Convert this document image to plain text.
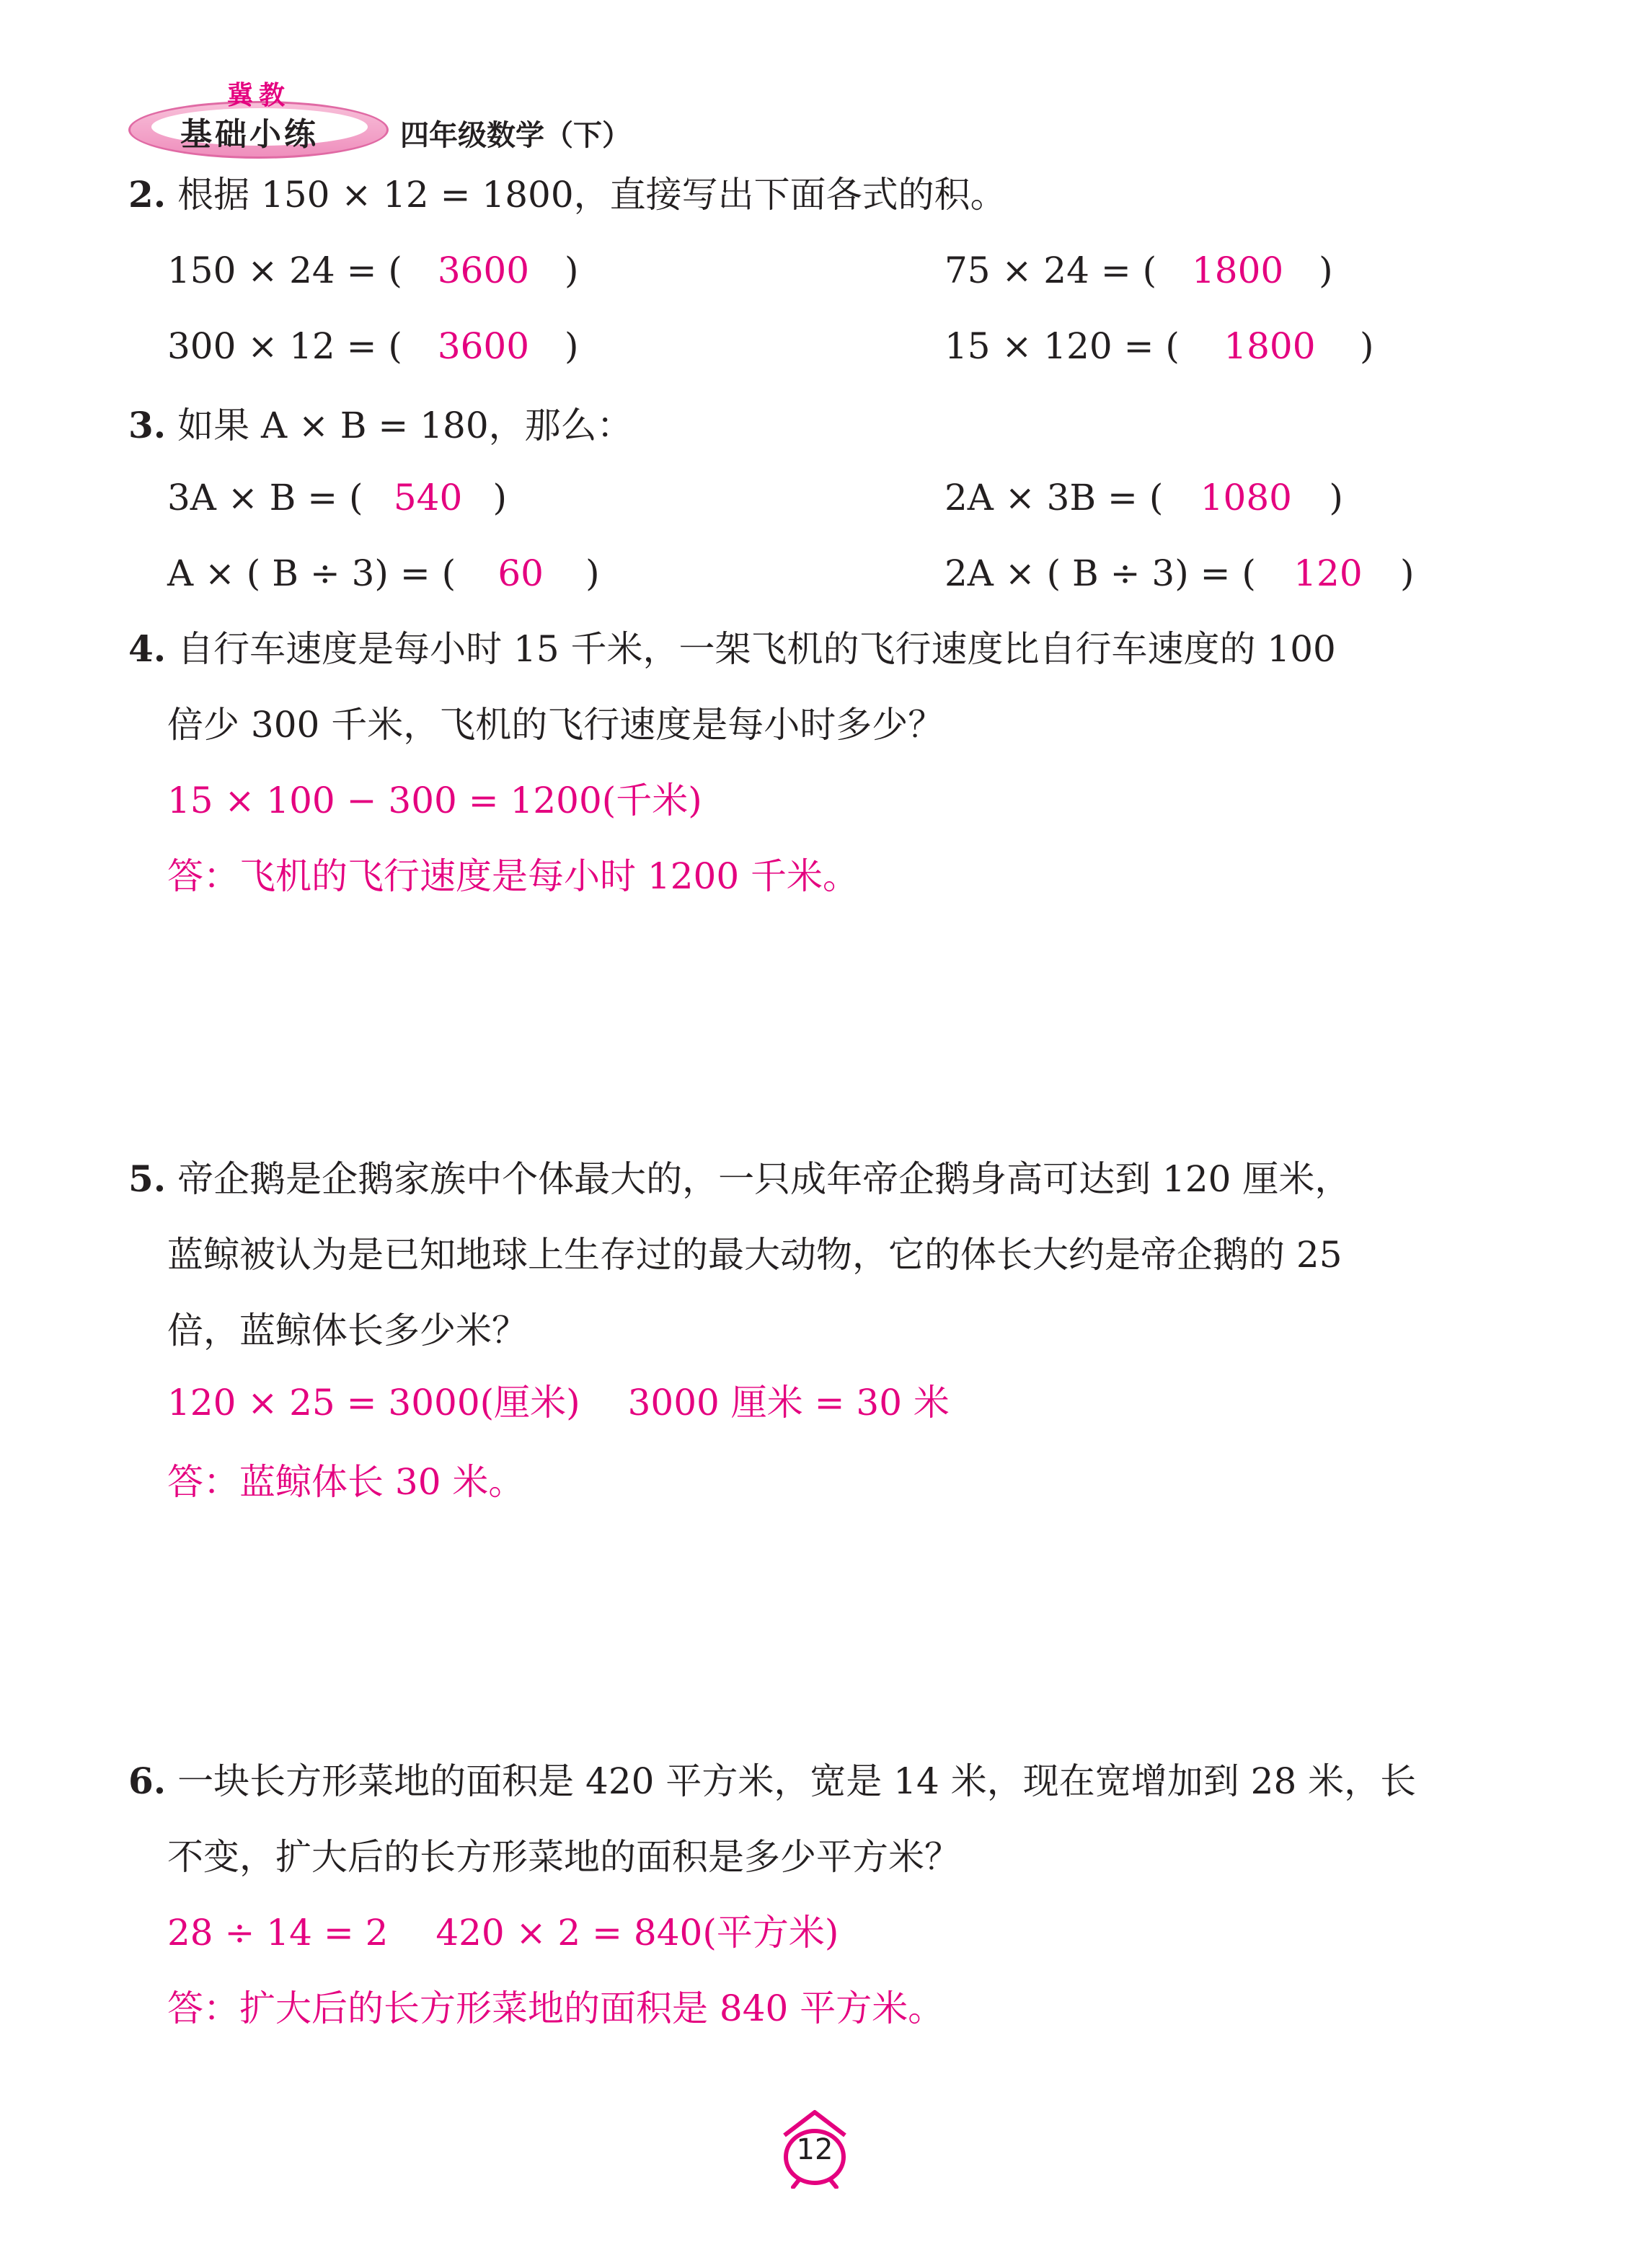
冀教
基础小练	四年级数学（下）
2. 根据 150 × 12 = 1800，直接写出下面各式的积。
150 × 24 = ( 3600 )	75 × 24 = ( 1800 )
300 × 12 = ( 3600 )	15 × 120 = ( 1800 )
3. 如果 A × B = 180，那么：
3A × B = ( 540 )	2A × 3B = ( 1080 )
A × ( B ÷ 3) = ( 60 )	2A × ( B ÷ 3) = ( 120 )
4. 自行车速度是每小时 15 千米，一架飞机的飞行速度比自行车速度的 100
倍少 300 千米，飞机的飞行速度是每小时多少？
15 × 100 − 300 = 1200(千米)
答：飞机的飞行速度是每小时 1200 千米。
5. 帝企鹅是企鹅家族中个体最大的，一只成年帝企鹅身高可达到 120 厘米，
蓝鲸被认为是已知地球上生存过的最大动物，它的体长大约是帝企鹅的 25
倍，蓝鲸体长多少米？
120 × 25 = 3000(厘米)　 3000 厘米 = 30 米
答：蓝鲸体长 30 米。
6. 一块长方形菜地的面积是 420 平方米，宽是 14 米，现在宽增加到 28 米，长
不变，扩大后的长方形菜地的面积是多少平方米？
28 ÷ 14 = 2　 420 × 2 = 840(平方米)
答：扩大后的长方形菜地的面积是 840 平方米。
12
